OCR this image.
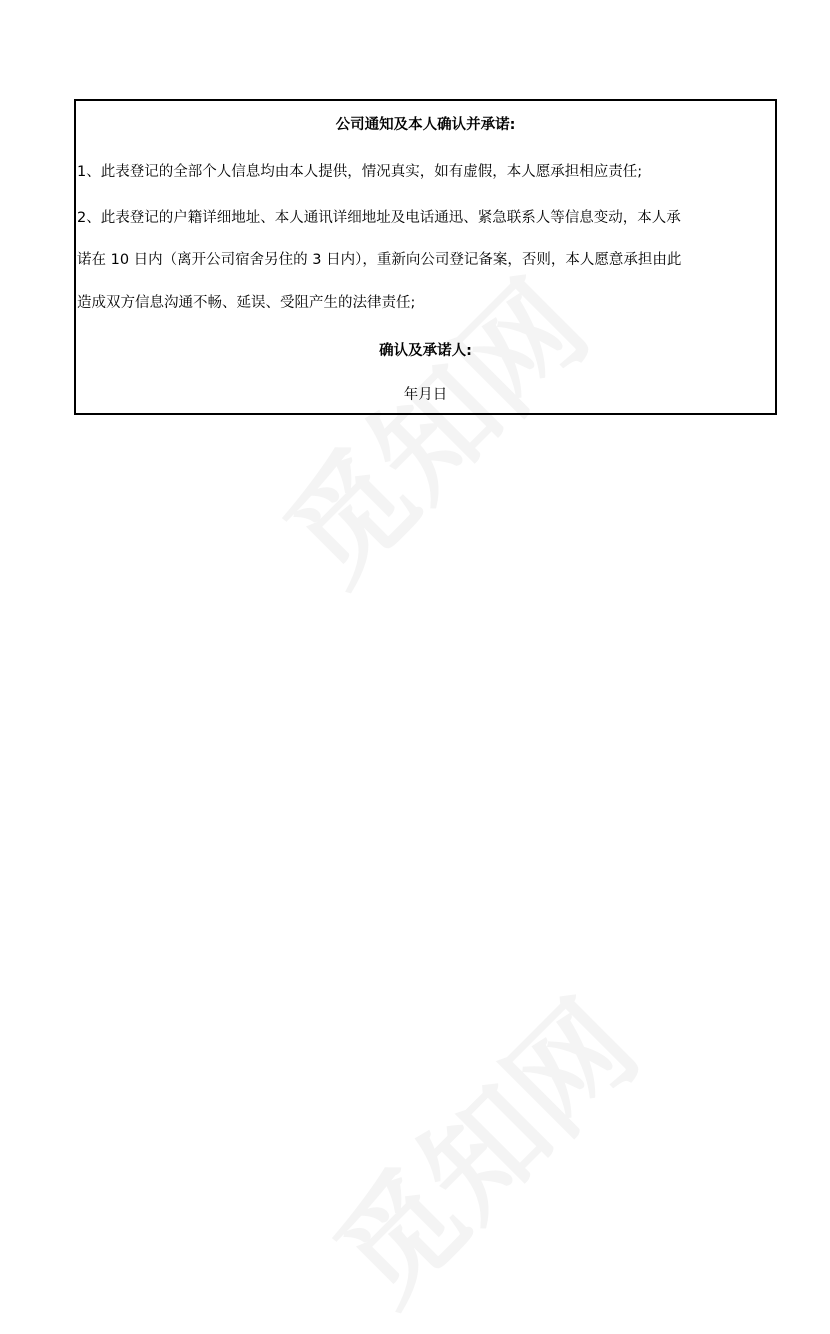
公司通知及本人确认并承诺:
1、此表登记的全部个人信息均由本人提供，情况真实，如有虚假，本人愿承担相应责任;
2、此表登记的户籍详细地址、本人通讯详细地址及电话通迅、紧急联系人等信息变动，本人承
诺在 10 日内（离开公司宿舍另住的 3 日内），重新向公司登记备案，否则，本人愿意承担由此
造成双方信息沟通不畅、延误、受阻产生的法律责任;
确认及承诺人:
年月日
